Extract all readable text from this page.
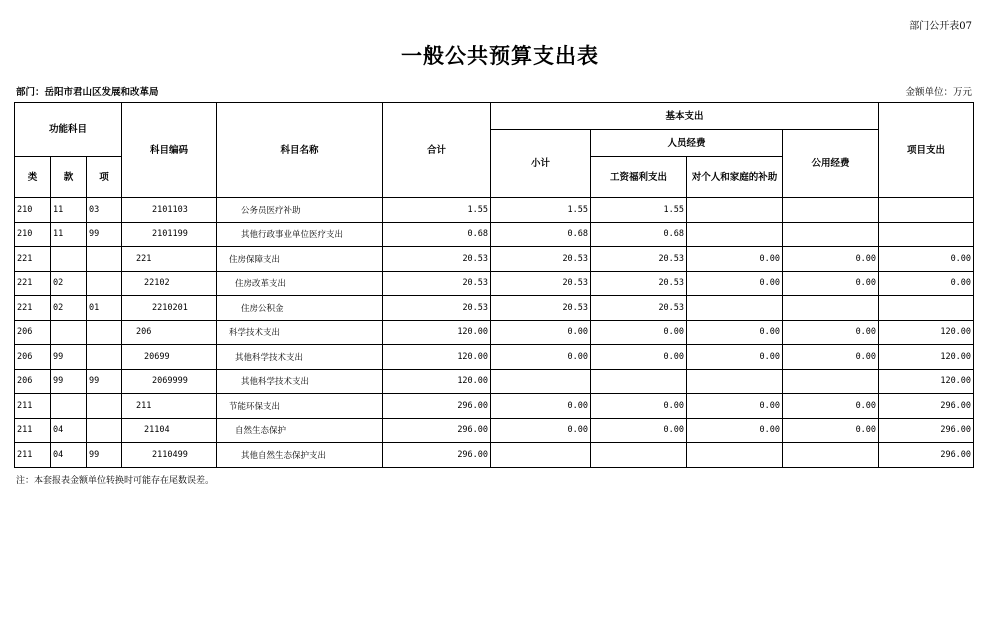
部门公开表07
一般公共预算支出表
部门：岳阳市君山区发展和改革局	金额单位：万元
功能科目			科目编码	科目名称	合计	基本支出				项目支出
						小计	人员经费		公用经费	
类	款	项					工资福利支出	对个人和家庭的补助		
210	11	03	2101103	公务员医疗补助	1.55	1.55	1.55			
210	11	99	2101199	其他行政事业单位医疗支出	0.68	0.68	0.68			
221			221	住房保障支出	20.53	20.53	20.53	0.00	0.00	0.00
221	02		22102	住房改革支出	20.53	20.53	20.53	0.00	0.00	0.00
221	02	01	2210201	住房公积金	20.53	20.53	20.53			
206			206	科学技术支出	120.00	0.00	0.00	0.00	0.00	120.00
206	99		20699	其他科学技术支出	120.00	0.00	0.00	0.00	0.00	120.00
206	99	99	2069999	其他科学技术支出	120.00					120.00
211			211	节能环保支出	296.00	0.00	0.00	0.00	0.00	296.00
211	04		21104	自然生态保护	296.00	0.00	0.00	0.00	0.00	296.00
211	04	99	2110499	其他自然生态保护支出	296.00					296.00
注：本套报表金额单位转换时可能存在尾数误差。
